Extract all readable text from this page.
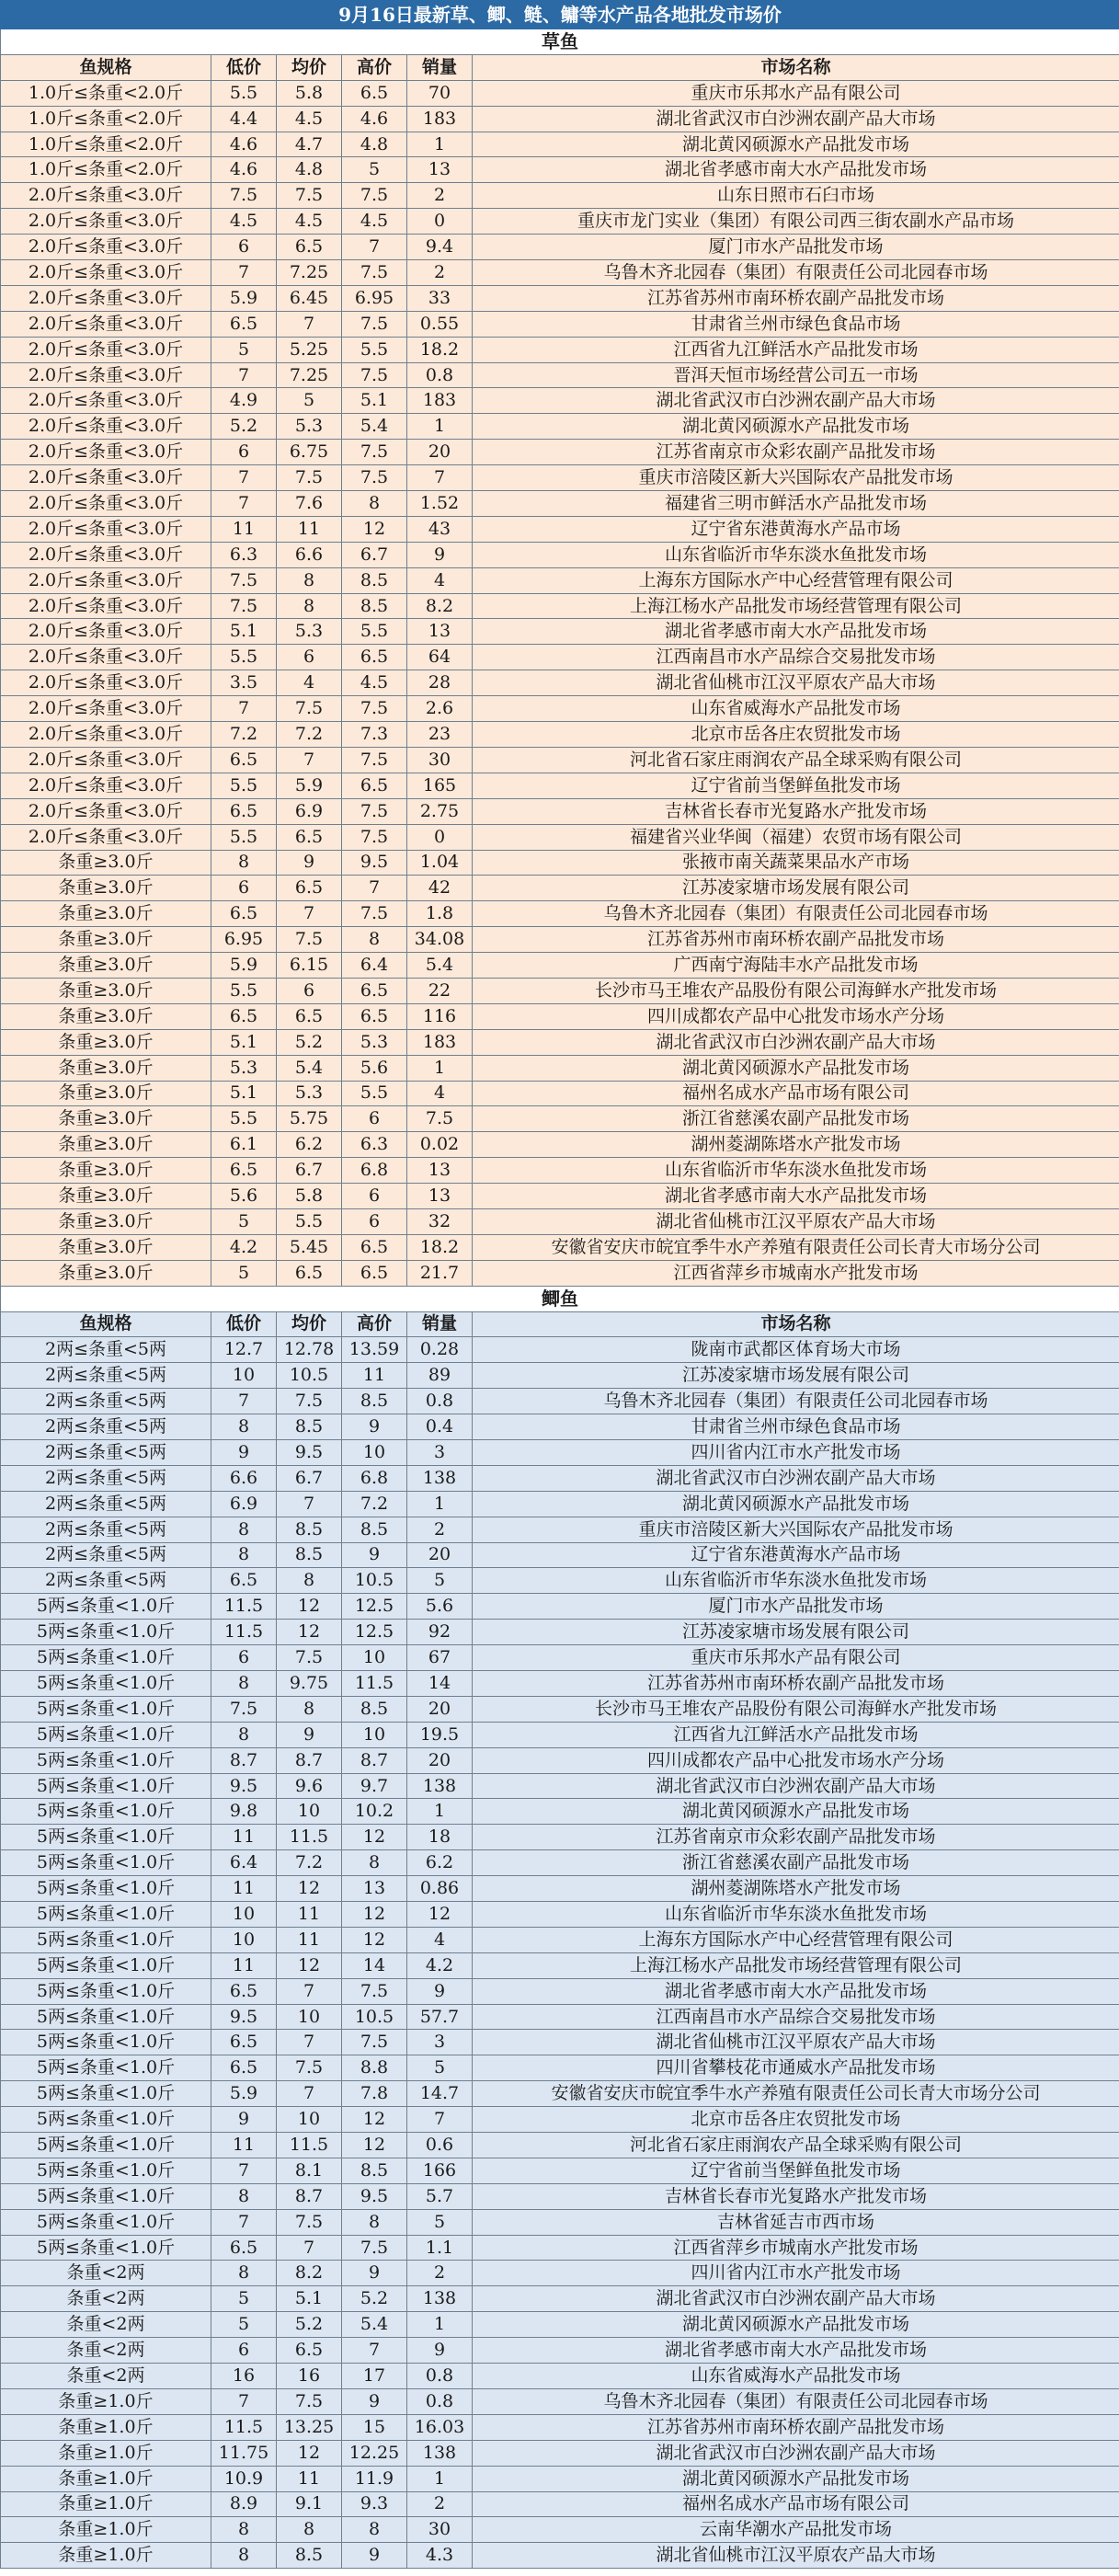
9月16日最新草、鲫、鲢、鳙等水产品各地批发市场价					
草鱼					
鱼规格	低价	均价	高价	销量	市场名称
1.0斤≤条重<2.0斤	5.5	5.8	6.5	70	重庆市乐邦水产品有限公司
1.0斤≤条重<2.0斤	4.4	4.5	4.6	183	湖北省武汉市白沙洲农副产品大市场
1.0斤≤条重<2.0斤	4.6	4.7	4.8	1	湖北黄冈硕源水产品批发市场
1.0斤≤条重<2.0斤	4.6	4.8	5	13	湖北省孝感市南大水产品批发市场
2.0斤≤条重<3.0斤	7.5	7.5	7.5	2	山东日照市石臼市场
2.0斤≤条重<3.0斤	4.5	4.5	4.5	0	重庆市龙门实业（集团）有限公司西三街农副水产品市场
2.0斤≤条重<3.0斤	6	6.5	7	9.4	厦门市水产品批发市场
2.0斤≤条重<3.0斤	7	7.25	7.5	2	乌鲁木齐北园春（集团）有限责任公司北园春市场
2.0斤≤条重<3.0斤	5.9	6.45	6.95	33	江苏省苏州市南环桥农副产品批发市场
2.0斤≤条重<3.0斤	6.5	7	7.5	0.55	甘肃省兰州市绿色食品市场
2.0斤≤条重<3.0斤	5	5.25	5.5	18.2	江西省九江鲜活水产品批发市场
2.0斤≤条重<3.0斤	7	7.25	7.5	0.8	晋洱天恒市场经营公司五一市场
2.0斤≤条重<3.0斤	4.9	5	5.1	183	湖北省武汉市白沙洲农副产品大市场
2.0斤≤条重<3.0斤	5.2	5.3	5.4	1	湖北黄冈硕源水产品批发市场
2.0斤≤条重<3.0斤	6	6.75	7.5	20	江苏省南京市众彩农副产品批发市场
2.0斤≤条重<3.0斤	7	7.5	7.5	7	重庆市涪陵区新大兴国际农产品批发市场
2.0斤≤条重<3.0斤	7	7.6	8	1.52	福建省三明市鲜活水产品批发市场
2.0斤≤条重<3.0斤	11	11	12	43	辽宁省东港黄海水产品市场
2.0斤≤条重<3.0斤	6.3	6.6	6.7	9	山东省临沂市华东淡水鱼批发市场
2.0斤≤条重<3.0斤	7.5	8	8.5	4	上海东方国际水产中心经营管理有限公司
2.0斤≤条重<3.0斤	7.5	8	8.5	8.2	上海江杨水产品批发市场经营管理有限公司
2.0斤≤条重<3.0斤	5.1	5.3	5.5	13	湖北省孝感市南大水产品批发市场
2.0斤≤条重<3.0斤	5.5	6	6.5	64	江西南昌市水产品综合交易批发市场
2.0斤≤条重<3.0斤	3.5	4	4.5	28	湖北省仙桃市江汉平原农产品大市场
2.0斤≤条重<3.0斤	7	7.5	7.5	2.6	山东省威海水产品批发市场
2.0斤≤条重<3.0斤	7.2	7.2	7.3	23	北京市岳各庄农贸批发市场
2.0斤≤条重<3.0斤	6.5	7	7.5	30	河北省石家庄雨润农产品全球采购有限公司
2.0斤≤条重<3.0斤	5.5	5.9	6.5	165	辽宁省前当堡鲜鱼批发市场
2.0斤≤条重<3.0斤	6.5	6.9	7.5	2.75	吉林省长春市光复路水产批发市场
2.0斤≤条重<3.0斤	5.5	6.5	7.5	0	福建省兴业华闽（福建）农贸市场有限公司
条重≥3.0斤	8	9	9.5	1.04	张掖市南关蔬菜果品水产市场
条重≥3.0斤	6	6.5	7	42	江苏凌家塘市场发展有限公司
条重≥3.0斤	6.5	7	7.5	1.8	乌鲁木齐北园春（集团）有限责任公司北园春市场
条重≥3.0斤	6.95	7.5	8	34.08	江苏省苏州市南环桥农副产品批发市场
条重≥3.0斤	5.9	6.15	6.4	5.4	广西南宁海陆丰水产品批发市场
条重≥3.0斤	5.5	6	6.5	22	长沙市马王堆农产品股份有限公司海鲜水产批发市场
条重≥3.0斤	6.5	6.5	6.5	116	四川成都农产品中心批发市场水产分场
条重≥3.0斤	5.1	5.2	5.3	183	湖北省武汉市白沙洲农副产品大市场
条重≥3.0斤	5.3	5.4	5.6	1	湖北黄冈硕源水产品批发市场
条重≥3.0斤	5.1	5.3	5.5	4	福州名成水产品市场有限公司
条重≥3.0斤	5.5	5.75	6	7.5	浙江省慈溪农副产品批发市场
条重≥3.0斤	6.1	6.2	6.3	0.02	湖州菱湖陈塔水产批发市场
条重≥3.0斤	6.5	6.7	6.8	13	山东省临沂市华东淡水鱼批发市场
条重≥3.0斤	5.6	5.8	6	13	湖北省孝感市南大水产品批发市场
条重≥3.0斤	5	5.5	6	32	湖北省仙桃市江汉平原农产品大市场
条重≥3.0斤	4.2	5.45	6.5	18.2	安徽省安庆市皖宜季牛水产养殖有限责任公司长青大市场分公司
条重≥3.0斤	5	6.5	6.5	21.7	江西省萍乡市城南水产批发市场
鲫鱼					
鱼规格	低价	均价	高价	销量	市场名称
2两≤条重<5两	12.7	12.78	13.59	0.28	陇南市武都区体育场大市场
2两≤条重<5两	10	10.5	11	89	江苏凌家塘市场发展有限公司
2两≤条重<5两	7	7.5	8.5	0.8	乌鲁木齐北园春（集团）有限责任公司北园春市场
2两≤条重<5两	8	8.5	9	0.4	甘肃省兰州市绿色食品市场
2两≤条重<5两	9	9.5	10	3	四川省内江市水产批发市场
2两≤条重<5两	6.6	6.7	6.8	138	湖北省武汉市白沙洲农副产品大市场
2两≤条重<5两	6.9	7	7.2	1	湖北黄冈硕源水产品批发市场
2两≤条重<5两	8	8.5	8.5	2	重庆市涪陵区新大兴国际农产品批发市场
2两≤条重<5两	8	8.5	9	20	辽宁省东港黄海水产品市场
2两≤条重<5两	6.5	8	10.5	5	山东省临沂市华东淡水鱼批发市场
5两≤条重<1.0斤	11.5	12	12.5	5.6	厦门市水产品批发市场
5两≤条重<1.0斤	11.5	12	12.5	92	江苏凌家塘市场发展有限公司
5两≤条重<1.0斤	6	7.5	10	67	重庆市乐邦水产品有限公司
5两≤条重<1.0斤	8	9.75	11.5	14	江苏省苏州市南环桥农副产品批发市场
5两≤条重<1.0斤	7.5	8	8.5	20	长沙市马王堆农产品股份有限公司海鲜水产批发市场
5两≤条重<1.0斤	8	9	10	19.5	江西省九江鲜活水产品批发市场
5两≤条重<1.0斤	8.7	8.7	8.7	20	四川成都农产品中心批发市场水产分场
5两≤条重<1.0斤	9.5	9.6	9.7	138	湖北省武汉市白沙洲农副产品大市场
5两≤条重<1.0斤	9.8	10	10.2	1	湖北黄冈硕源水产品批发市场
5两≤条重<1.0斤	11	11.5	12	18	江苏省南京市众彩农副产品批发市场
5两≤条重<1.0斤	6.4	7.2	8	6.2	浙江省慈溪农副产品批发市场
5两≤条重<1.0斤	11	12	13	0.86	湖州菱湖陈塔水产批发市场
5两≤条重<1.0斤	10	11	12	12	山东省临沂市华东淡水鱼批发市场
5两≤条重<1.0斤	10	11	12	4	上海东方国际水产中心经营管理有限公司
5两≤条重<1.0斤	11	12	14	4.2	上海江杨水产品批发市场经营管理有限公司
5两≤条重<1.0斤	6.5	7	7.5	9	湖北省孝感市南大水产品批发市场
5两≤条重<1.0斤	9.5	10	10.5	57.7	江西南昌市水产品综合交易批发市场
5两≤条重<1.0斤	6.5	7	7.5	3	湖北省仙桃市江汉平原农产品大市场
5两≤条重<1.0斤	6.5	7.5	8.8	5	四川省攀枝花市通威水产品批发市场
5两≤条重<1.0斤	5.9	7	7.8	14.7	安徽省安庆市皖宜季牛水产养殖有限责任公司长青大市场分公司
5两≤条重<1.0斤	9	10	12	7	北京市岳各庄农贸批发市场
5两≤条重<1.0斤	11	11.5	12	0.6	河北省石家庄雨润农产品全球采购有限公司
5两≤条重<1.0斤	7	8.1	8.5	166	辽宁省前当堡鲜鱼批发市场
5两≤条重<1.0斤	8	8.7	9.5	5.7	吉林省长春市光复路水产批发市场
5两≤条重<1.0斤	7	7.5	8	5	吉林省延吉市西市场
5两≤条重<1.0斤	6.5	7	7.5	1.1	江西省萍乡市城南水产批发市场
条重<2两	8	8.2	9	2	四川省内江市水产批发市场
条重<2两	5	5.1	5.2	138	湖北省武汉市白沙洲农副产品大市场
条重<2两	5	5.2	5.4	1	湖北黄冈硕源水产品批发市场
条重<2两	6	6.5	7	9	湖北省孝感市南大水产品批发市场
条重<2两	16	16	17	0.8	山东省威海水产品批发市场
条重≥1.0斤	7	7.5	9	0.8	乌鲁木齐北园春（集团）有限责任公司北园春市场
条重≥1.0斤	11.5	13.25	15	16.03	江苏省苏州市南环桥农副产品批发市场
条重≥1.0斤	11.75	12	12.25	138	湖北省武汉市白沙洲农副产品大市场
条重≥1.0斤	10.9	11	11.9	1	湖北黄冈硕源水产品批发市场
条重≥1.0斤	8.9	9.1	9.3	2	福州名成水产品市场有限公司
条重≥1.0斤	8	8	8	30	云南华潮水产品批发市场
条重≥1.0斤	8	8.5	9	4.3	湖北省仙桃市江汉平原农产品大市场
